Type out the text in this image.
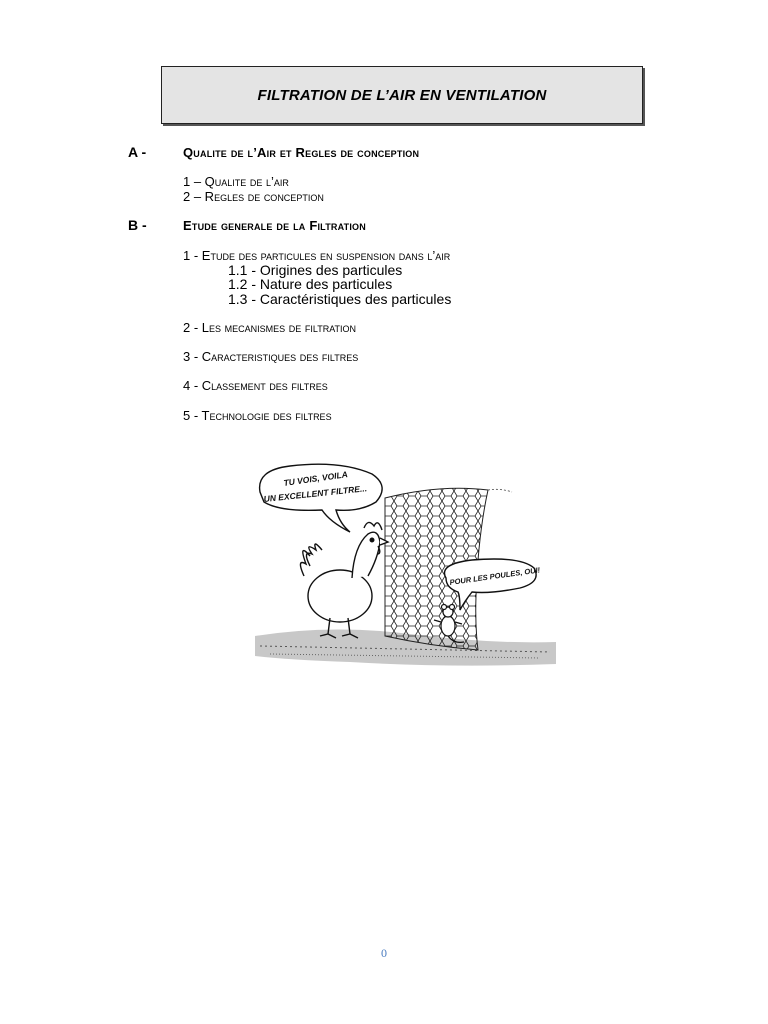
FILTRATION DE L’AIR EN VENTILATION
A -	Qualite de l’Air et Regles de conception
1 – Qualite de l’air
2 – Regles de conception
B -	Etude generale de la Filtration
1 - Etude des particules en suspension dans l’air
1.1 - Origines des particules
1.2 - Nature des particules
1.3 - Caractéristiques des particules
2 - Les mecanismes de filtration
3 - Caracteristiques des filtres
4 - Classement des filtres
5 - Technologie des filtres
TU VOIS, VOILA
UN EXCELLENT FILTRE...
POUR LES POULES, OUI!
0
